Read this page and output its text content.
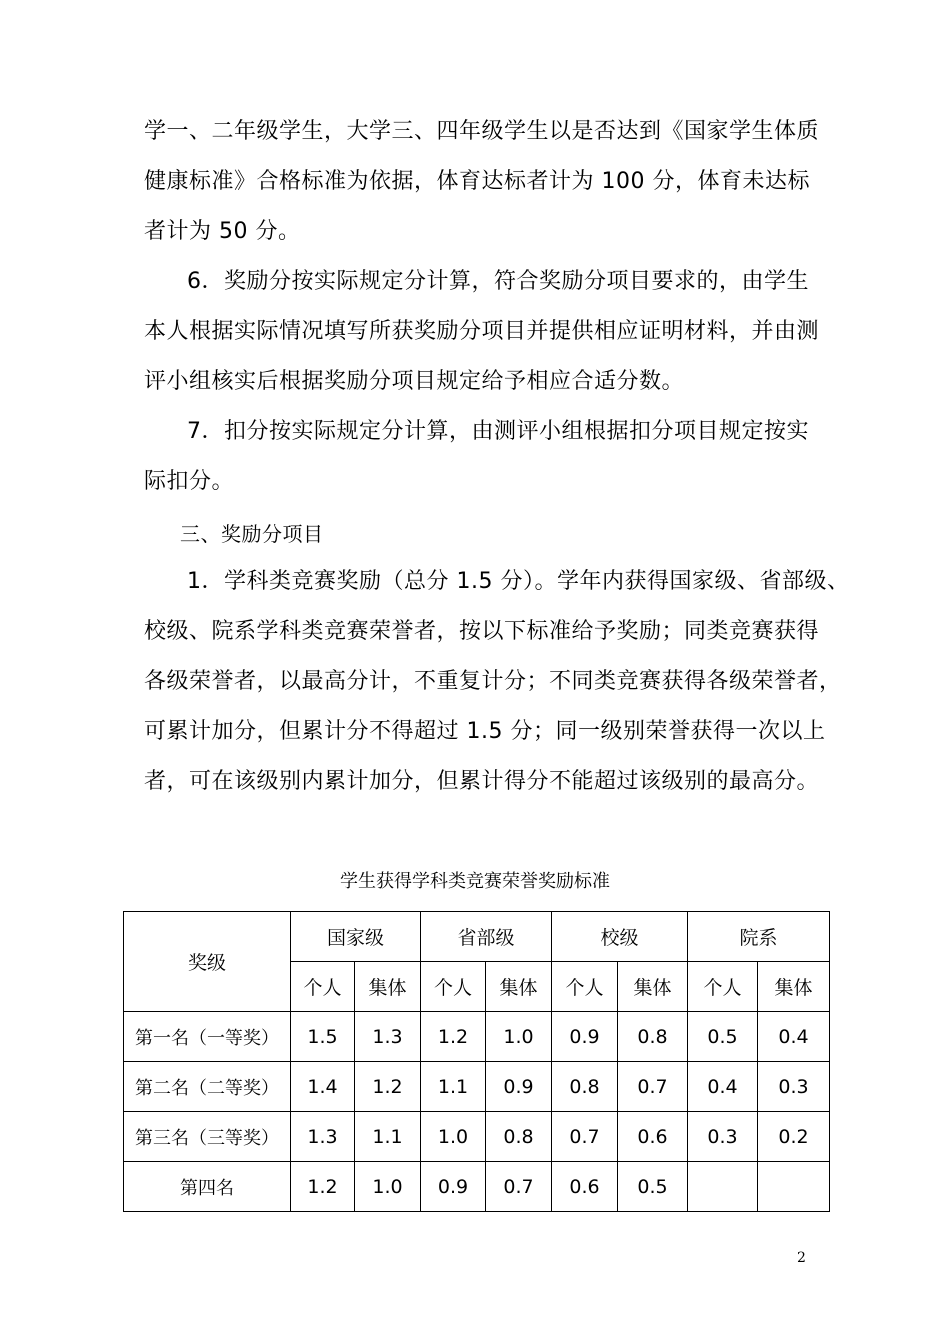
学一、二年级学生，大学三、四年级学生以是否达到《国家学生体质
健康标准》合格标准为依据，体育达标者计为 100 分，体育未达标
者计为 50 分。
6．奖励分按实际规定分计算，符合奖励分项目要求的，由学生
本人根据实际情况填写所获奖励分项目并提供相应证明材料，并由测
评小组核实后根据奖励分项目规定给予相应合适分数。
7．扣分按实际规定分计算，由测评小组根据扣分项目规定按实
际扣分。
三、奖励分项目
1．学科类竞赛奖励（总分 1.5 分）。学年内获得国家级、省部级、
校级、院系学科类竞赛荣誉者，按以下标准给予奖励；同类竞赛获得
各级荣誉者，以最高分计，不重复计分；不同类竞赛获得各级荣誉者，
可累计加分，但累计分不得超过 1.5 分；同一级别荣誉获得一次以上
者，可在该级别内累计加分，但累计得分不能超过该级别的最高分。
学生获得学科类竞赛荣誉奖励标准
奖级	国家级		省部级		校级		院系	
	个人	集体	个人	集体	个人	集体	个人	集体
第一名（一等奖）	1.5	1.3	1.2	1.0	0.9	0.8	0.5	0.4
第二名（二等奖）	1.4	1.2	1.1	0.9	0.8	0.7	0.4	0.3
第三名（三等奖）	1.3	1.1	1.0	0.8	0.7	0.6	0.3	0.2
第四名	1.2	1.0	0.9	0.7	0.6	0.5		
2
